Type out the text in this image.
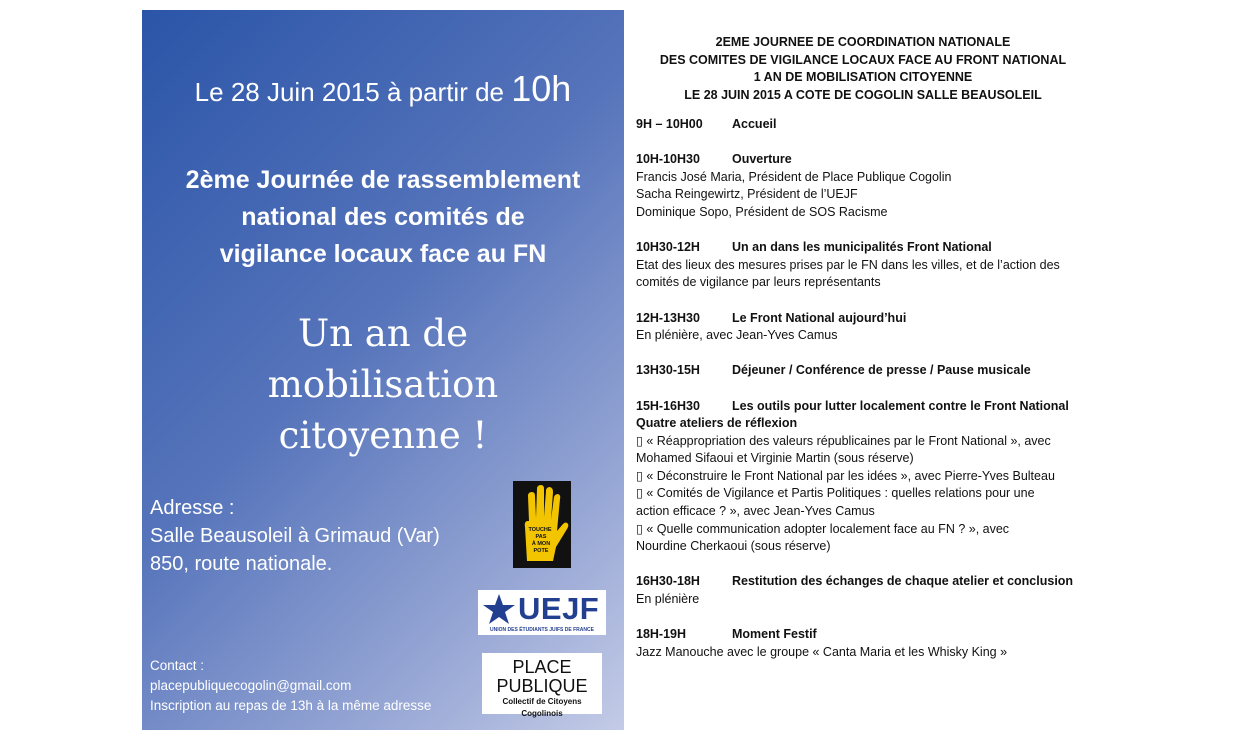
Le 28 Juin 2015 à partir de 10h
2ème Journée de rassemblement
national des comités de
vigilance locaux face au FN
Un an de
mobilisation
citoyenne !
Adresse :
Salle Beausoleil à Grimaud (Var)
850, route nationale.
Contact :
placepubliquecogolin@gmail.com
Inscription au repas de 13h à la même adresse
TOUCHE
PAS
À MON
POTE
UEJF
UNION DES ÉTUDIANTS JUIFS DE FRANCE
PLACE
PUBLIQUE
Collectif de Citoyens Cogolinois
2EME JOURNEE DE COORDINATION NATIONALE
DES COMITES DE VIGILANCE LOCAUX FACE AU FRONT NATIONAL
1 AN DE MOBILISATION CITOYENNE
LE 28 JUIN 2015 A COTE DE COGOLIN SALLE BEAUSOLEIL
9H – 10H00 Accueil
10H-10H30	Ouverture
Francis José Maria, Président de Place Publique Cogolin
Sacha Reingewirtz, Président de l’UEJF
Dominique Sopo, Président de SOS Racisme
10H30-12H	Un an dans les municipalités Front National
Etat des lieux des mesures prises par le FN dans les villes, et de l’action des
comités de vigilance par leurs représentants
12H-13H30	Le Front National aujourd’hui
En plénière, avec Jean-Yves Camus
13H30-15H	Déjeuner / Conférence de presse / Pause musicale
15H-16H30	Les outils pour lutter localement contre le Front National
Quatre ateliers de réflexion
▯ « Réappropriation des valeurs républicaines par le Front National », avec
Mohamed Sifaoui et Virginie Martin (sous réserve)
▯ « Déconstruire le Front National par les idées », avec Pierre-Yves Bulteau
▯ « Comités de Vigilance et Partis Politiques : quelles relations pour une
action efficace ? », avec Jean-Yves Camus
▯ « Quelle communication adopter localement face au FN ? », avec
Nourdine Cherkaoui (sous réserve)
16H30-18H	Restitution des échanges de chaque atelier et conclusion
En plénière
18H-19H	Moment Festif
Jazz Manouche avec le groupe « Canta Maria et les Whisky King »
